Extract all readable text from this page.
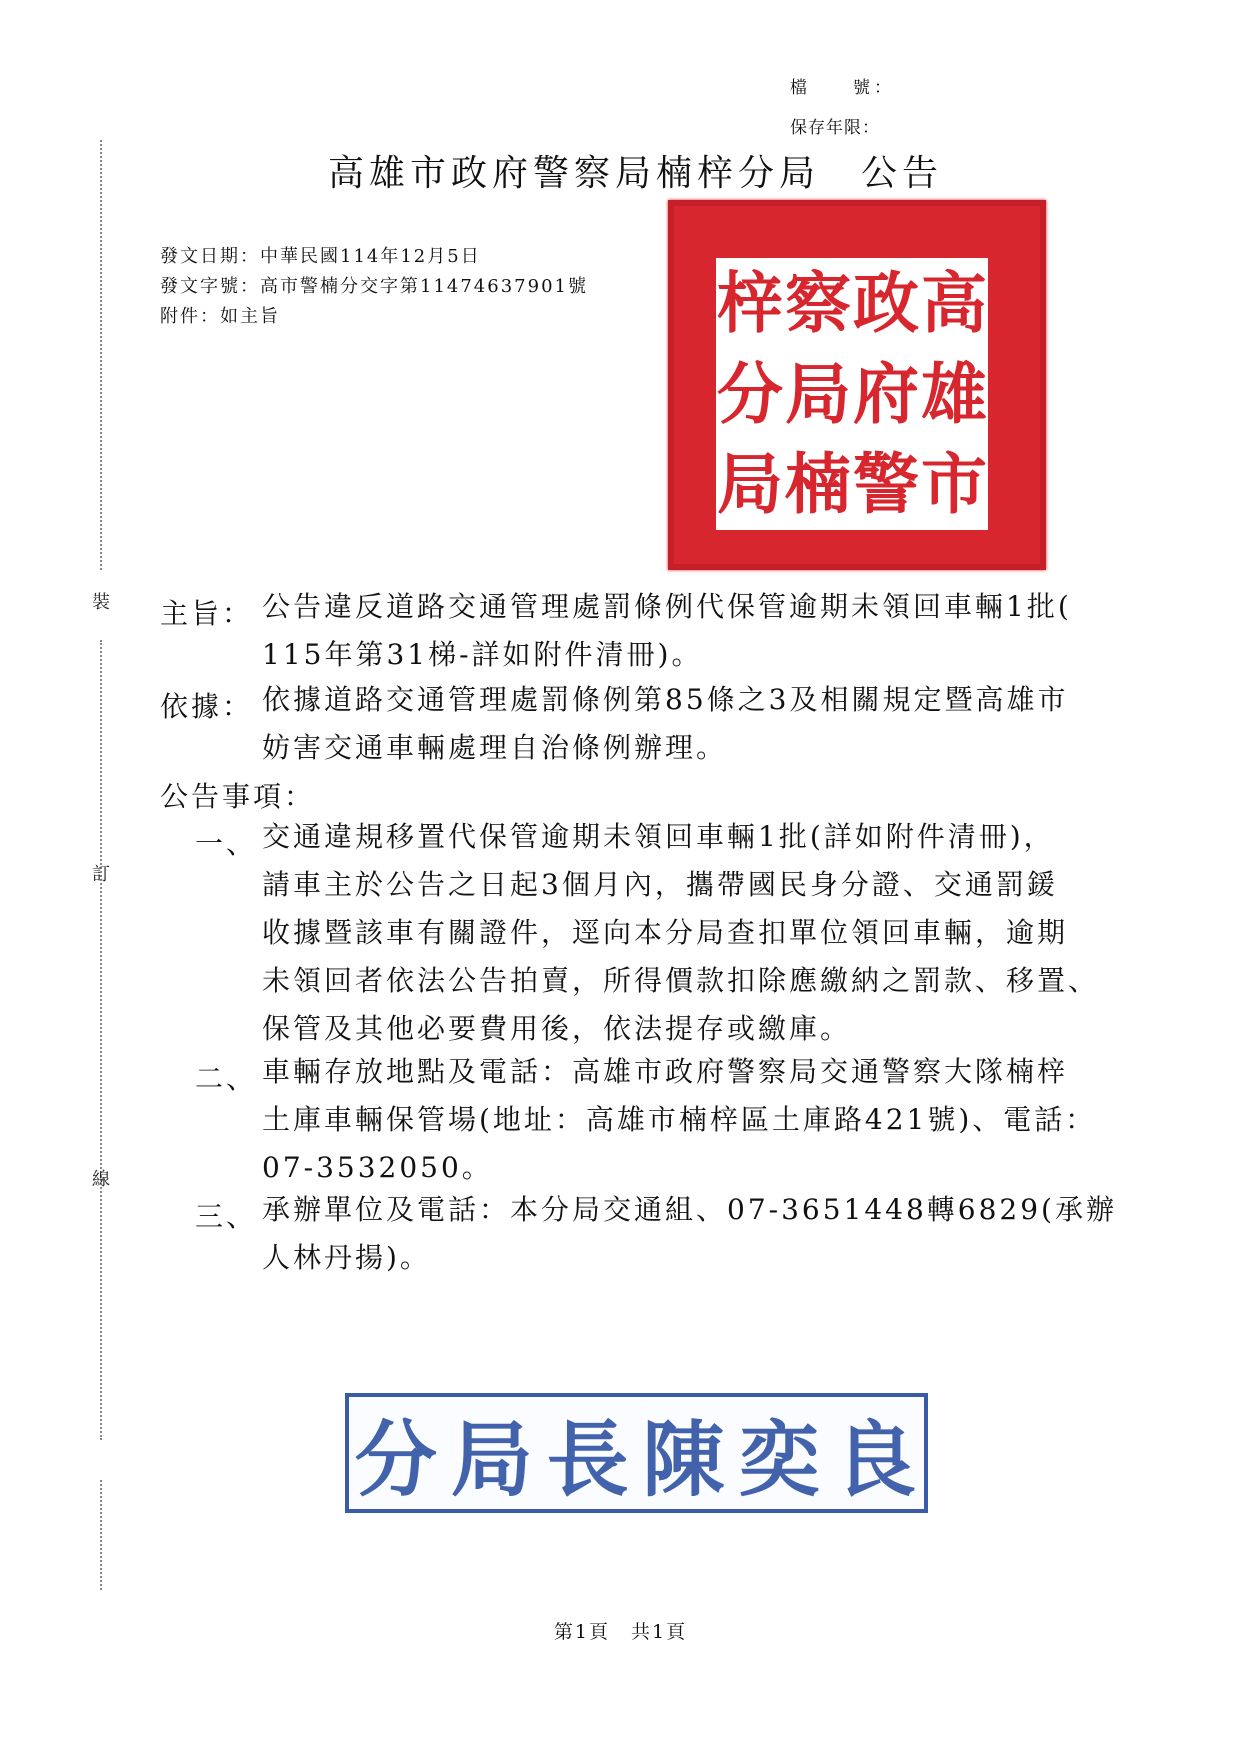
裝
訂
線
檔　　號：
保存年限：
高雄市政府警察局楠梓分局　公告
發文日期：中華民國114年12月5日
發文字號：高市警楠分交字第11474637901號
附件：如主旨	梓 察 政 高
分 局 府 雄
局 楠 警 市
主旨： 公告違反道路交通管理處罰條例代保管逾期未領回車輛1批(
115年第31梯-詳如附件清冊)。
依據： 依據道路交通管理處罰條例第85條之3及相關規定暨高雄市
妨害交通車輛處理自治條例辦理。
公告事項：
一、 交通違規移置代保管逾期未領回車輛1批(詳如附件清冊)，
請車主於公告之日起3個月內，攜帶國民身分證、交通罰鍰
收據暨該車有關證件，逕向本分局查扣單位領回車輛，逾期
未領回者依法公告拍賣，所得價款扣除應繳納之罰款、移置、
保管及其他必要費用後，依法提存或繳庫。
二、 車輛存放地點及電話：高雄市政府警察局交通警察大隊楠梓
土庫車輛保管場(地址：高雄市楠梓區土庫路421號)、電話：
07-3532050。
三、 承辦單位及電話：本分局交通組、07-3651448轉6829(承辦
人林丹揚)。
分 局 長 陳 奕 良
第1頁　共1頁
